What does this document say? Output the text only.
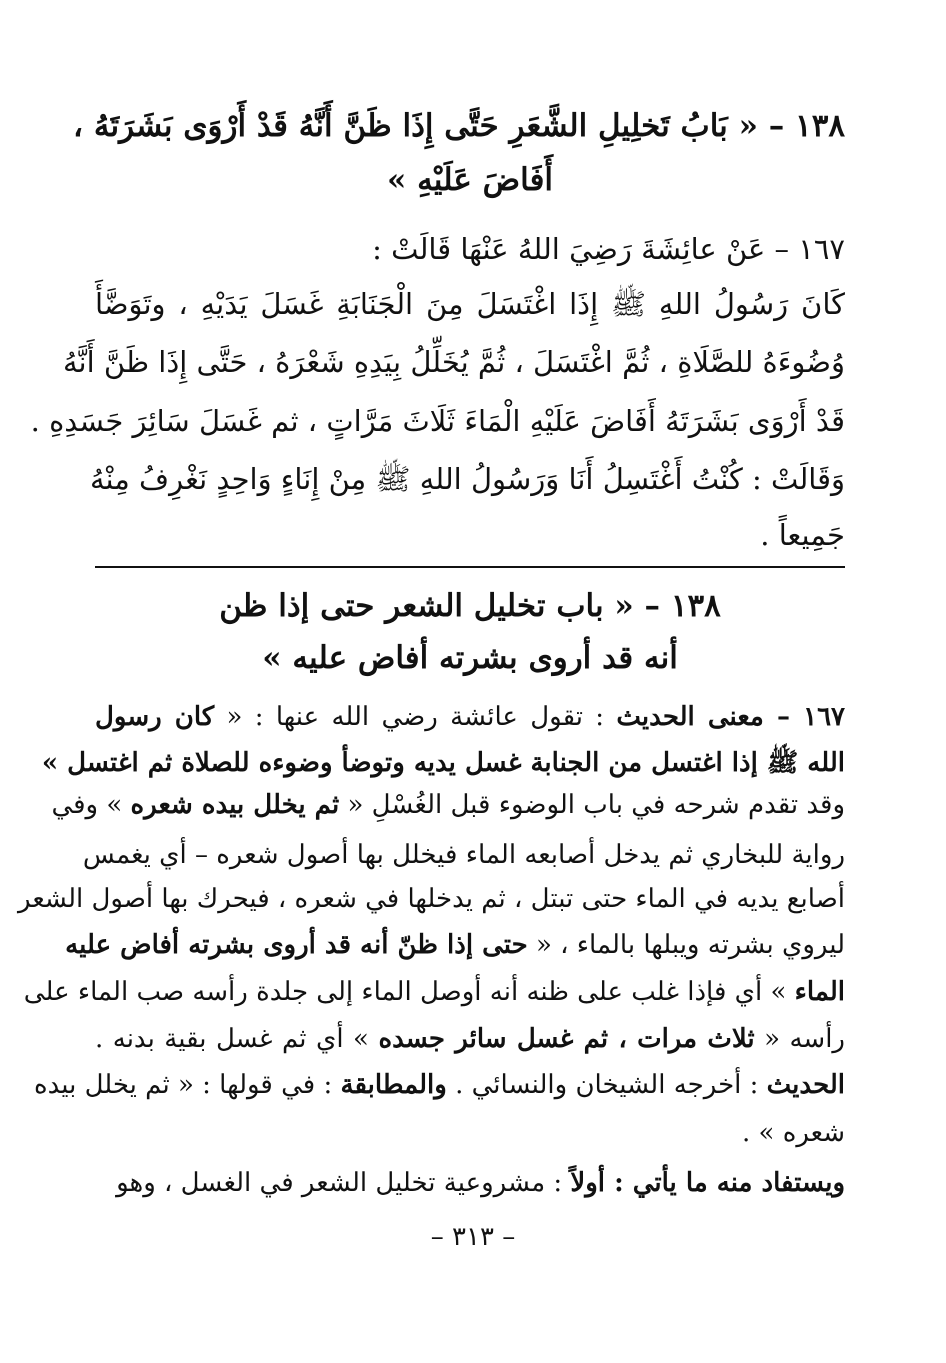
١٣٨ – « بَابُ تَخلِيلِ الشَّعَرِ حَتَّى إِذَا ظَنَّ أَنَّهُ قَدْ أَرْوَى بَشَرَتَهُ ،
أَفَاضَ عَلَيْهِ »
١٦٧ – عَنْ عائِشَةَ رَضِيَ اللهُ عَنْهَا قَالَتْ :
كَانَ رَسُولُ اللهِ ﷺ إِذَا اغْتَسَلَ مِنَ الْجَنَابَةِ غَسَلَ يَدَيْهِ ، وتَوَضَّأَ
وُضُوءَهُ للصَّلَاةِ ، ثُمَّ اغْتَسَلَ ، ثُمَّ يُخَلِّلُ بِيَدِهِ شَعْرَهُ ، حَتَّى إِذَا ظَنَّ أَنَّهُ
قَدْ أَرْوَى بَشَرَتَهُ أَفَاضَ عَلَيْهِ الْمَاءَ ثَلَاثَ مَرَّاتٍ ، ثم غَسَلَ سَائِرَ جَسَدِهِ .
وَقَالَتْ : كُنْتُ أَغْتَسِلُ أَنَا وَرَسُولُ اللهِ ﷺ مِنْ إِنَاءٍ وَاحِدٍ نَغْرِفُ مِنْهُ
جَمِيعاً .
١٣٨ – « باب تخليل الشعر حتى إذا ظن
أنه قد أروى بشرته أفاض عليه »
١٦٧ – معنى الحديث : تقول عائشة رضي الله عنها : « كان رسول
الله ﷺ إذا اغتسل من الجنابة غسل يديه وتوضأ وضوءه للصلاة ثم اغتسل »
وقد تقدم شرحه في باب الوضوء قبل الغُسْلِ « ثم يخلل بيده شعره » وفي
رواية للبخاري ثم يدخل أصابعه الماء فيخلل بها أصول شعره – أي يغمس
أصابع يديه في الماء حتى تبتل ، ثم يدخلها في شعره ، فيحرك بها أصول الشعر
ليروي بشرته ويبلها بالماء ، « حتى إذا ظنّ أنه قد أروى بشرته أفاض عليه
الماء » أي فإذا غلب على ظنه أنه أوصل الماء إلى جلدة رأسه صب الماء على
رأسه « ثلاث مرات ، ثم غسل سائر جسده » أي ثم غسل بقية بدنه .
الحديث : أخرجه الشيخان والنسائي . والمطابقة : في قولها : « ثم يخلل بيده
شعره » .
ويستفاد منه ما يأتي : أولاً : مشروعية تخليل الشعر في الغسل ، وهو
– ٣١٣ –
